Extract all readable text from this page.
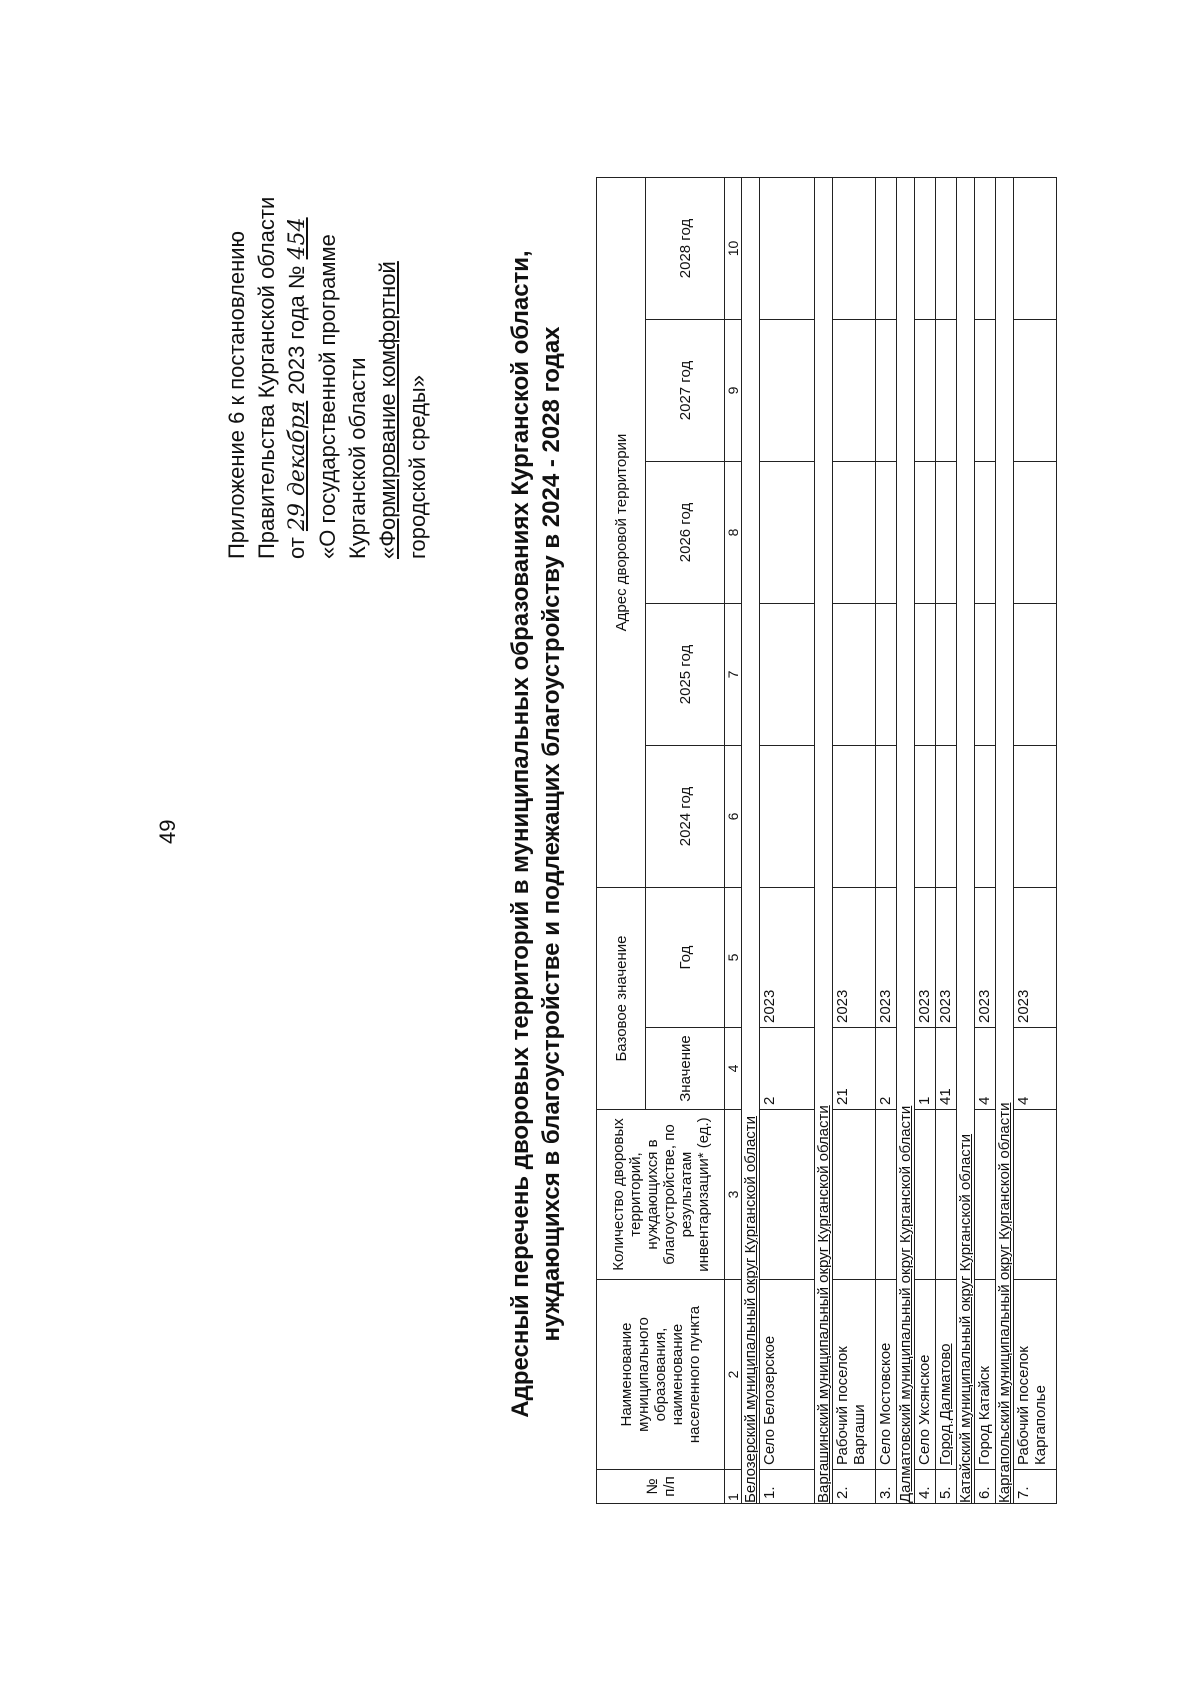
49
Приложение 6 к постановлению Правительства Курганской области от 29 декабря 2023 года № 454 «О государственной программе Курганской области «Формирование комфортной городской среды»	Адресный перечень дворовых территорий в муниципальных образованиях Курганской области, нуждающихся в благоустройстве и подлежащих благоустройству в 2024 - 2028 годах
№ п/п	Наименование муниципального образования, наименование населенного пункта	Количество дворовых территорий, нуждающихся в благоустройстве, по результатам инвентаризации* (ед.)	Базовое значение		Адрес дворовой территории				
			Значение	Год	2024 год	2025 год	2026 год	2027 год	2028 год
1	2	3	4	5	6	7	8	9	10
Белозерский муниципальный округ Курганской области									
1.	Село Белозерское		2	2023					
Варгашинский муниципальный округ Курганской области									
2.	Рабочий поселок Варгаши		21	2023					
3.	Село Мостовское		2	2023					
Далматовский муниципальный округ Курганской области									
4.	Село Уксянское		1	2023					
5.	Город Далматово		41	2023					
Катайский муниципальный округ Курганской области									
6.	Город Катайск		4	2023					
Каргапольский муниципальный округ Курганской области									
7.	Рабочий поселок Каргаполье		4	2023					
